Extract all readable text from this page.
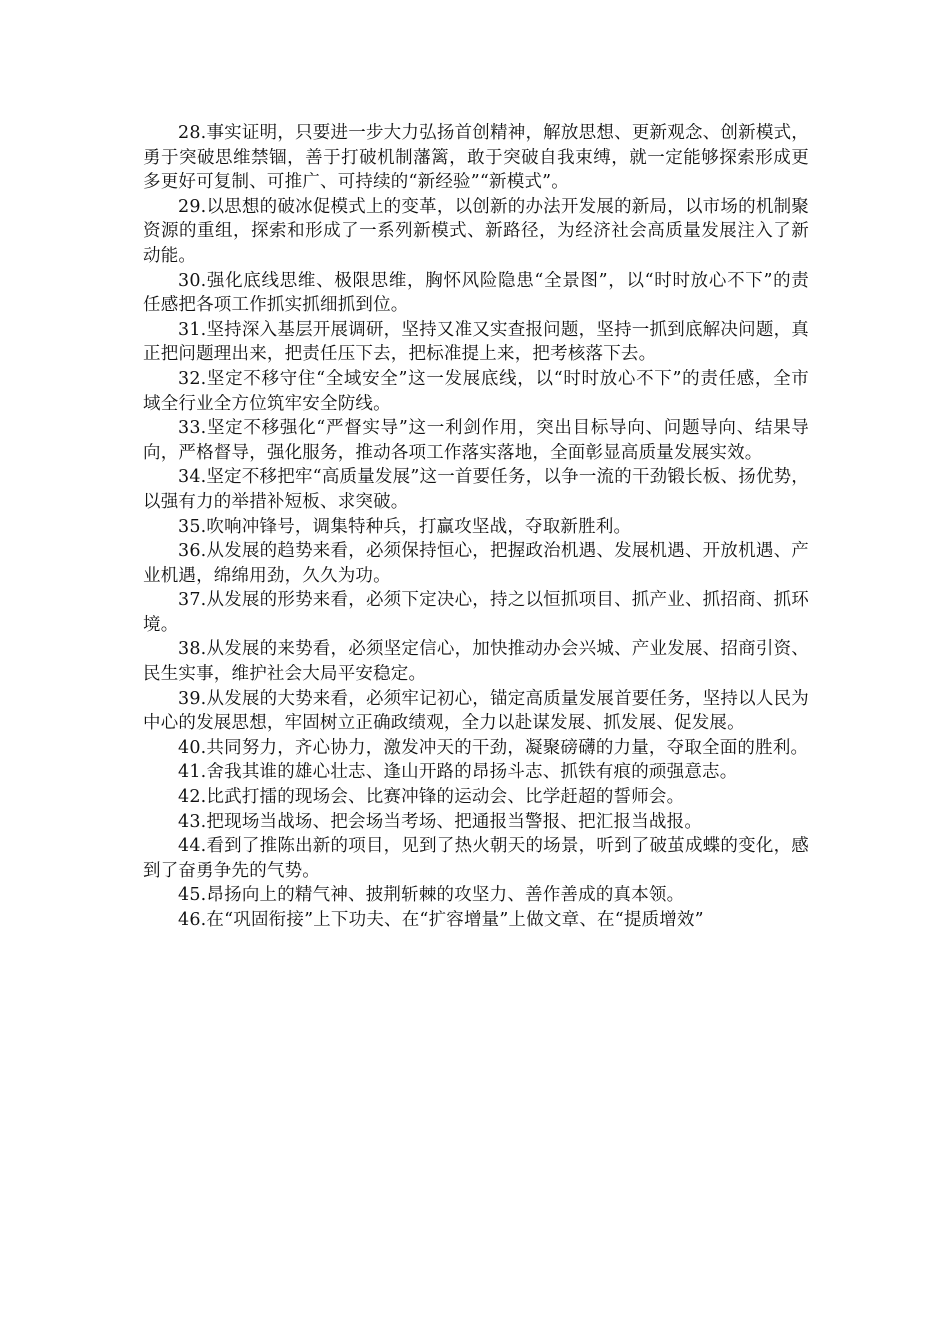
28.事实证明，只要进一步大力弘扬首创精神，解放思想、更新观念、创新模式，勇于突破思维禁锢，善于打破机制藩篱，敢于突破自我束缚，就一定能够探索形成更多更好可复制、可推广、可持续的“新经验”“新模式”。

29.以思想的破冰促模式上的变革，以创新的办法开发展的新局，以市场的机制聚资源的重组，探索和形成了一系列新模式、新路径，为经济社会高质量发展注入了新动能。

30.强化底线思维、极限思维，胸怀风险隐患“全景图”，以“时时放心不下”的责任感把各项工作抓实抓细抓到位。

31.坚持深入基层开展调研，坚持又准又实查报问题，坚持一抓到底解决问题，真正把问题理出来，把责任压下去，把标准提上来，把考核落下去。

32.坚定不移守住“全域安全”这一发展底线，以“时时放心不下”的责任感，全市域全行业全方位筑牢安全防线。

33.坚定不移强化“严督实导”这一利剑作用，突出目标导向、问题导向、结果导向，严格督导，强化服务，推动各项工作落实落地，全面彰显高质量发展实效。

34.坚定不移把牢“高质量发展”这一首要任务，以争一流的干劲锻长板、扬优势，以强有力的举措补短板、求突破。

35.吹响冲锋号，调集特种兵，打赢攻坚战，夺取新胜利。

36.从发展的趋势来看，必须保持恒心，把握政治机遇、发展机遇、开放机遇、产业机遇，绵绵用劲，久久为功。

37.从发展的形势来看，必须下定决心，持之以恒抓项目、抓产业、抓招商、抓环境。

38.从发展的来势看，必须坚定信心，加快推动办会兴城、产业发展、招商引资、民生实事，维护社会大局平安稳定。

39.从发展的大势来看，必须牢记初心，锚定高质量发展首要任务，坚持以人民为中心的发展思想，牢固树立正确政绩观，全力以赴谋发展、抓发展、促发展。

40.共同努力，齐心协力，激发冲天的干劲，凝聚磅礴的力量，夺取全面的胜利。

41.舍我其谁的雄心壮志、逢山开路的昂扬斗志、抓铁有痕的顽强意志。

42.比武打擂的现场会、比赛冲锋的运动会、比学赶超的誓师会。

43.把现场当战场、把会场当考场、把通报当警报、把汇报当战报。

44.看到了推陈出新的项目，见到了热火朝天的场景，听到了破茧成蝶的变化，感到了奋勇争先的气势。

45.昂扬向上的精气神、披荆斩棘的攻坚力、善作善成的真本领。

46.在“巩固衔接”上下功夫、在“扩容增量”上做文章、在“提质增效”
